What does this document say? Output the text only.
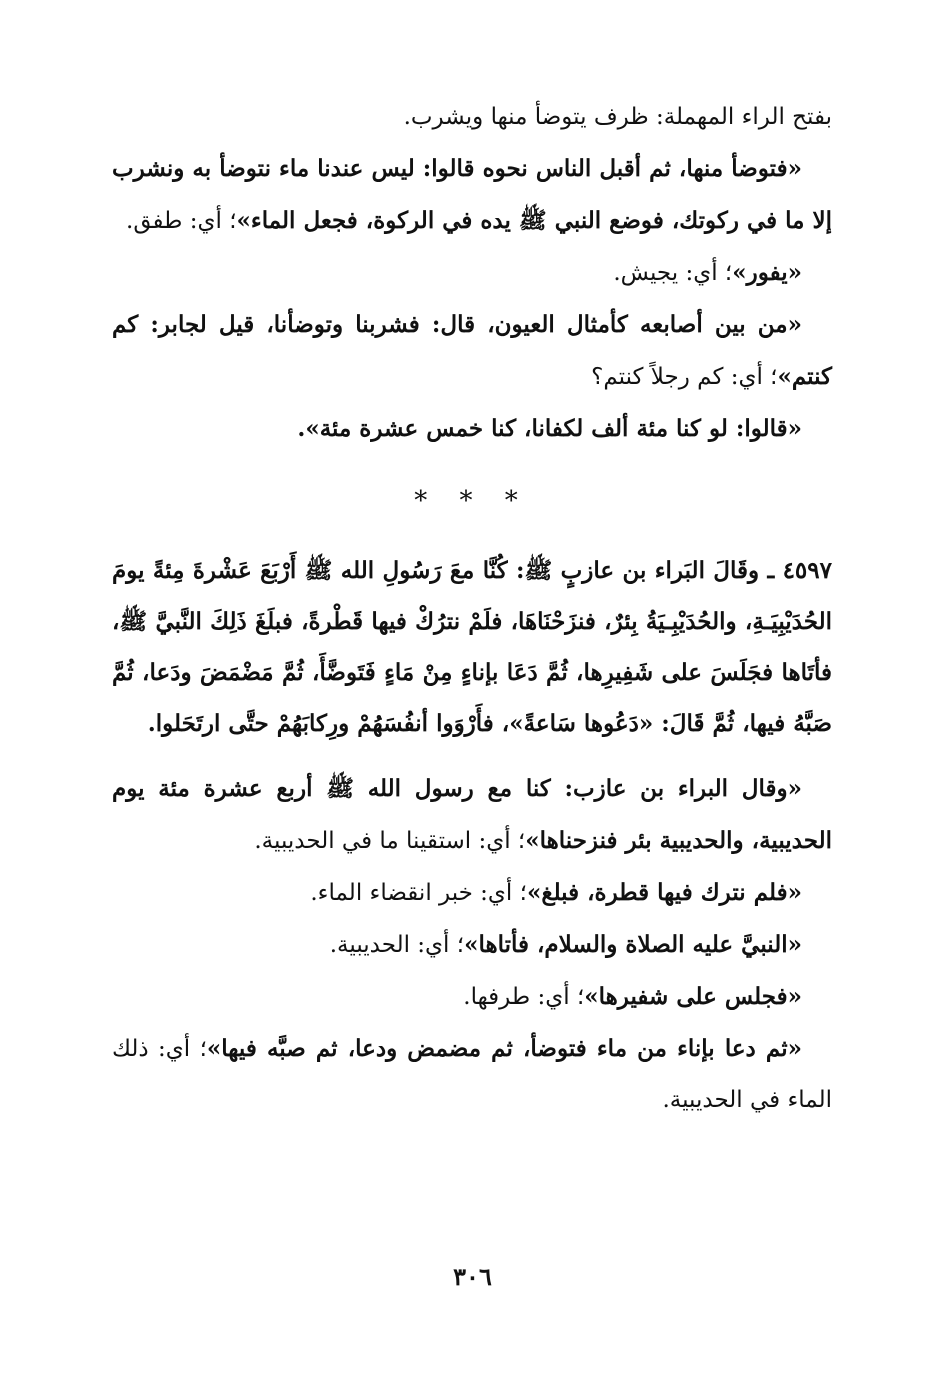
بفتح الراء المهملة: ظرف يتوضأ منها ويشرب.

«فتوضأ منها، ثم أقبل الناس نحوه قالوا: ليس عندنا ماء نتوضأ به ونشرب إلا ما في ركوتك، فوضع النبي ﷺ يده في الركوة، فجعل الماء»؛ أي: طفق.

«يفور»؛ أي: يجيش.

«من بين أصابعه كأمثال العيون، قال: فشربنا وتوضأنا، قيل لجابر: كم كنتم»؛ أي: كم رجلاً كنتم؟

«قالوا: لو كنا مئة ألف لكفانا، كنا خمس عشرة مئة».

* * *

٤٥٩٧ ـ وقَالَ البَراء بن عازبٍ ﷺ: كُنَّا معَ رَسُولِ الله ﷺ أَرْبَعَ عَشْرةَ مِئةً يومَ الحُدَيْبِيَـةِ، والحُدَيْبِـيَةُ بِئرٌ، فنزَحْنَاهَا، فلَمْ نترُكْ فيها قَطْرةً، فبلَغَ ذَلِكَ النَّبيَّ ﷺ، فأتَاها فجَلَسَ على شَفِيرِها، ثُمَّ دَعَا بإناءٍ مِنْ مَاءٍ فَتَوضَّأَ، ثُمَّ مَضْمَضَ ودَعا، ثُمَّ صَبَّهُ فيها، ثُمَّ قَالَ: «دَعُوها سَاعةً»، فأَرْوَوا أنفُسَهُمْ ورِكابَهُمْ حتَّى ارتَحَلوا.

«وقال البراء بن عازب: كنا مع رسول الله ﷺ أربع عشرة مئة يوم الحديبية، والحديبية بئر فنزحناها»؛ أي: استقينا ما في الحديبية.

«فلم نترك فيها قطرة، فبلغ»؛ أي: خبر انقضاء الماء.

«النبيَّ عليه الصلاة والسلام، فأتاها»؛ أي: الحديبية.

«فجلس على شفيرها»؛ أي: طرفها.

«ثم دعا بإناء من ماء فتوضأ، ثم مضمض ودعا، ثم صبَّه فيها»؛ أي: ذلك الماء في الحديبية.

٣٠٦
